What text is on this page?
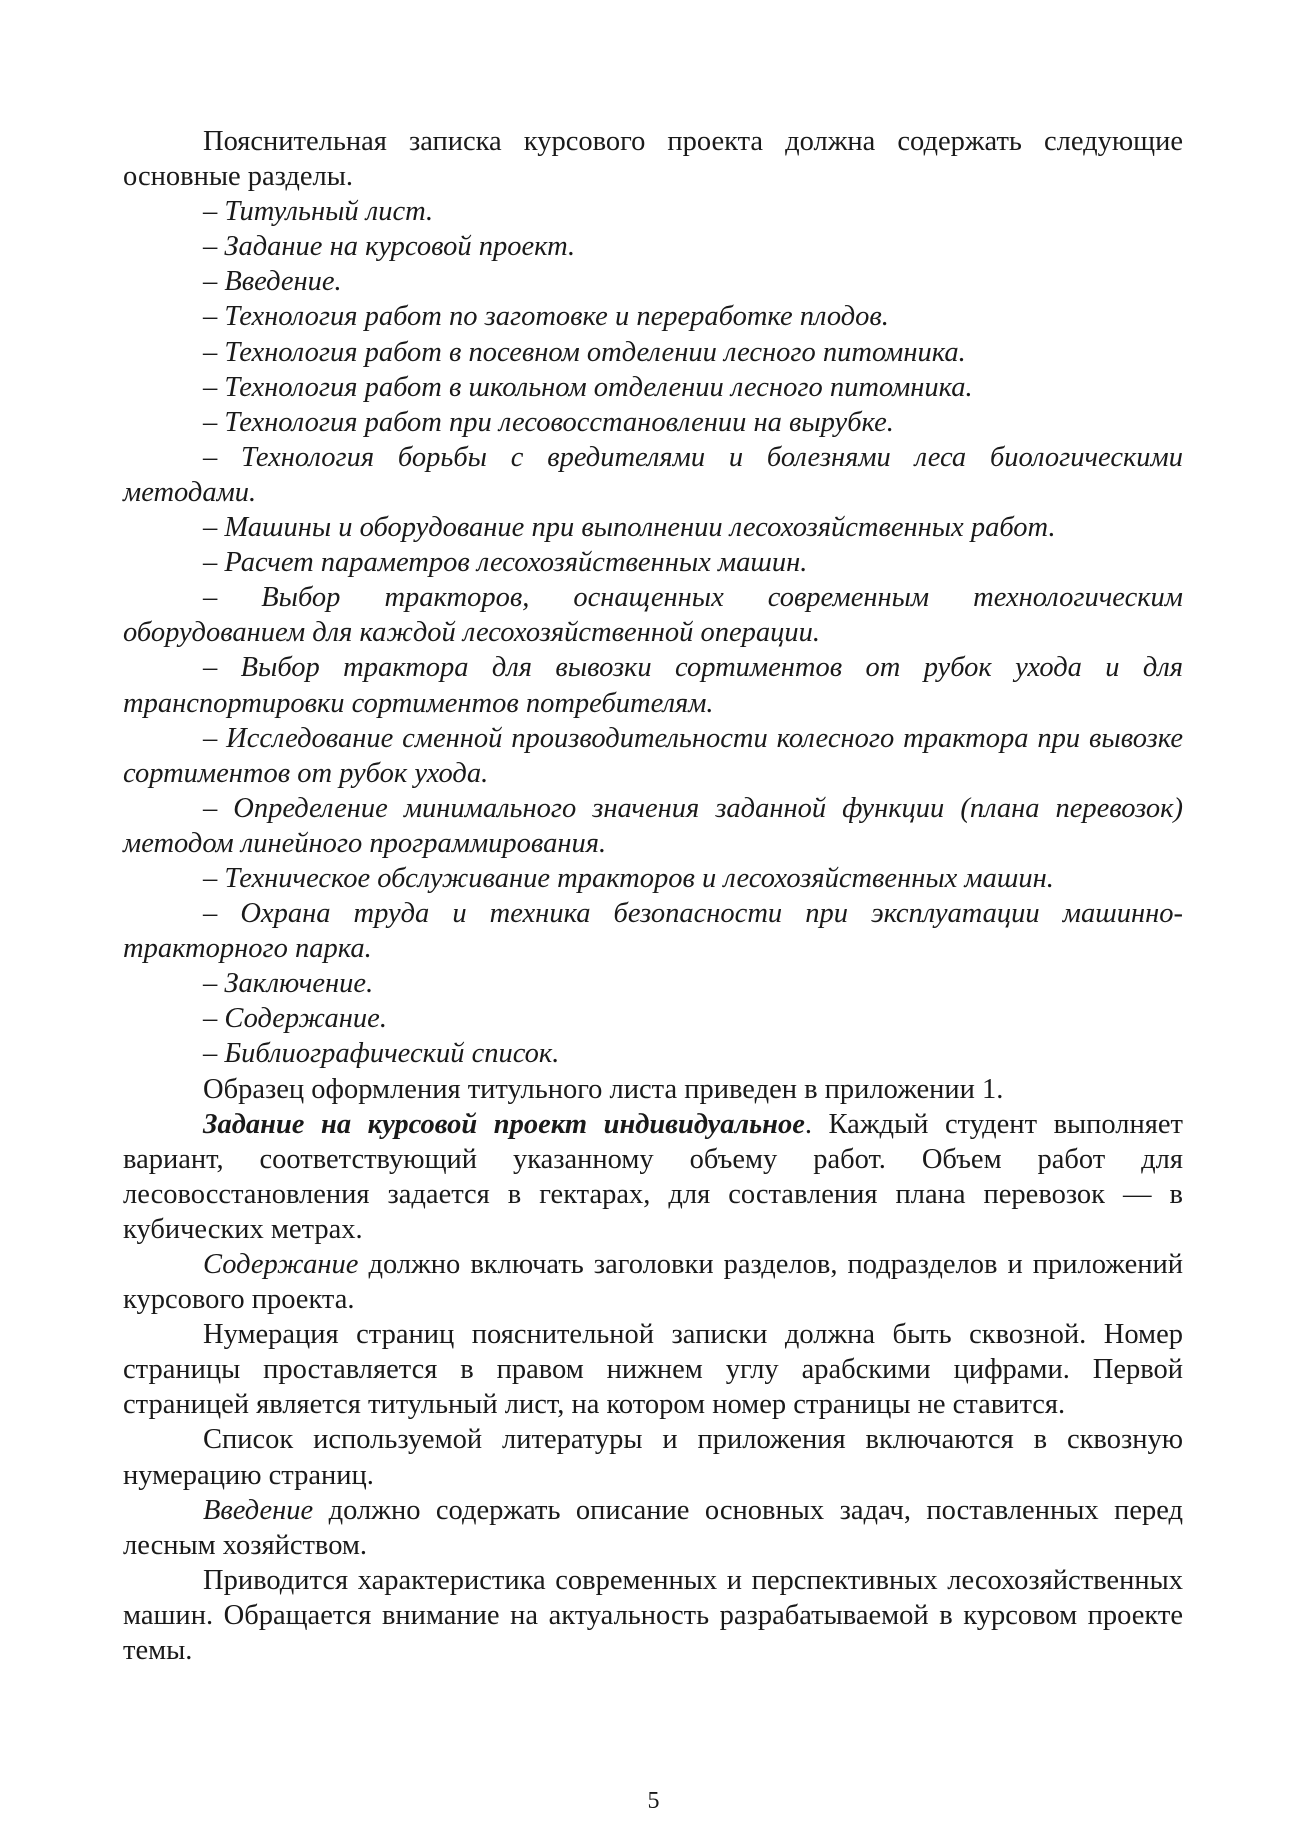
Пояснительная записка курсового проекта должна содержать следующие основные разделы.

– Титульный лист.

– Задание на курсовой проект.

– Введение.

– Технология работ по заготовке и переработке плодов.

– Технология работ в посевном отделении лесного питомника.

– Технология работ в школьном отделении лесного питомника.

– Технология работ при лесовосстановлении на вырубке.

– Технология борьбы с вредителями и болезнями леса биологическими методами.

– Машины и оборудование при выполнении лесохозяйственных работ.

– Расчет параметров лесохозяйственных машин.

– Выбор тракторов, оснащенных современным технологическим оборудованием для каждой лесохозяйственной операции.

– Выбор трактора для вывозки сортиментов от рубок ухода и для транспортировки сортиментов потребителям.

– Исследование сменной производительности колесного трактора при вывозке сортиментов от рубок ухода.

– Определение минимального значения заданной функции (плана перевозок) методом линейного программирования.

– Техническое обслуживание тракторов и лесохозяйственных машин.

– Охрана труда и техника безопасности при эксплуатации машинно-тракторного парка.

– Заключение.

– Содержание.

– Библиографический список.

Образец оформления титульного листа приведен в приложении 1.

Задание на курсовой проект индивидуальное. Каждый студент выполняет вариант, соответствующий указанному объему работ. Объем работ для лесовосстановления задается в гектарах, для составления плана перевозок — в кубических метрах.

Содержание должно включать заголовки разделов, подразделов и приложений курсового проекта.

Нумерация страниц пояснительной записки должна быть сквозной. Номер страницы проставляется в правом нижнем углу арабскими цифрами. Первой страницей является титульный лист, на котором номер страницы не ставится.

Список используемой литературы и приложения включаются в сквозную нумерацию страниц.

Введение должно содержать описание основных задач, поставленных перед лесным хозяйством.

Приводится характеристика современных и перспективных лесохозяйственных машин. Обращается внимание на актуальность разрабатываемой в курсовом проекте темы.

5
